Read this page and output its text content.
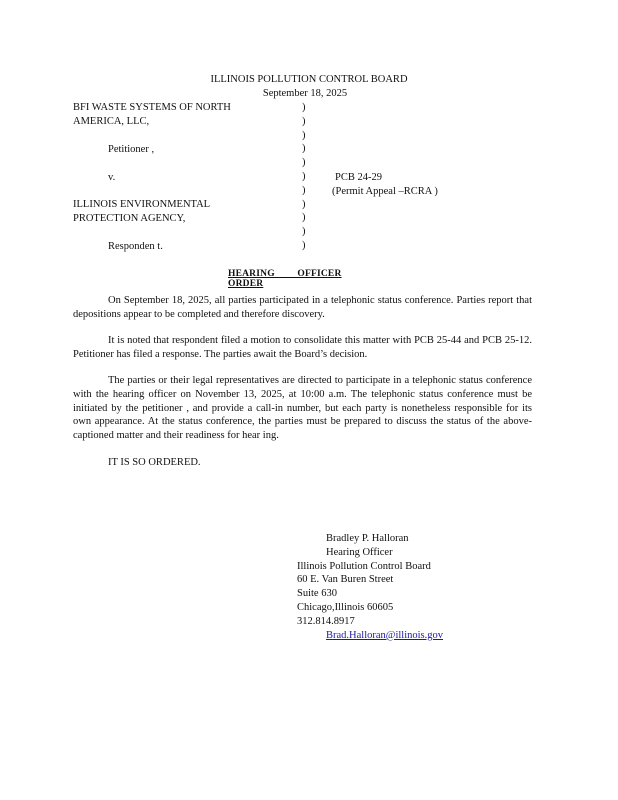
ILLINOIS POLLUTION CONTROL BOARD
September 18, 2025
BFI WASTE SYSTEMS OF NORTH
AMERICA, LLC,
Petitioner ,
v.
ILLINOIS ENVIRONMENTAL
PROTECTION AGENCY,
Responden t.
)
)
)
)
)
)
)
)
)
)
)
PCB 24-29
(Permit Appeal –RCRA )
HEARING OFFICER ORDER

On September 18, 2025, all parties participated in a telephonic status conference. Parties report that depositions appear to be completed and therefore discovery.

It is noted that respondent filed a motion to consolidate this matter with PCB 25-44 and PCB 25-12. Petitioner has filed a response. The parties await the Board’s decision.

The parties or their legal representatives are directed to participate in a telephonic status conference with the hearing officer on November 13, 2025, at 10:00 a.m. The telephonic status conference must be initiated by the petitioner , and provide a call-in number, but each party is nonetheless responsible for its own appearance. At the status conference, the parties must be prepared to discuss the status of the above- captioned matter and their readiness for hear ing.

IT IS SO ORDERED.

Bradley P. Halloran
Hearing Officer
Illinois Pollution Control Board
60 E. Van Buren Street
Suite 630
Chicago,Illinois 60605
312.814.8917
Brad.Halloran@illinois.gov
